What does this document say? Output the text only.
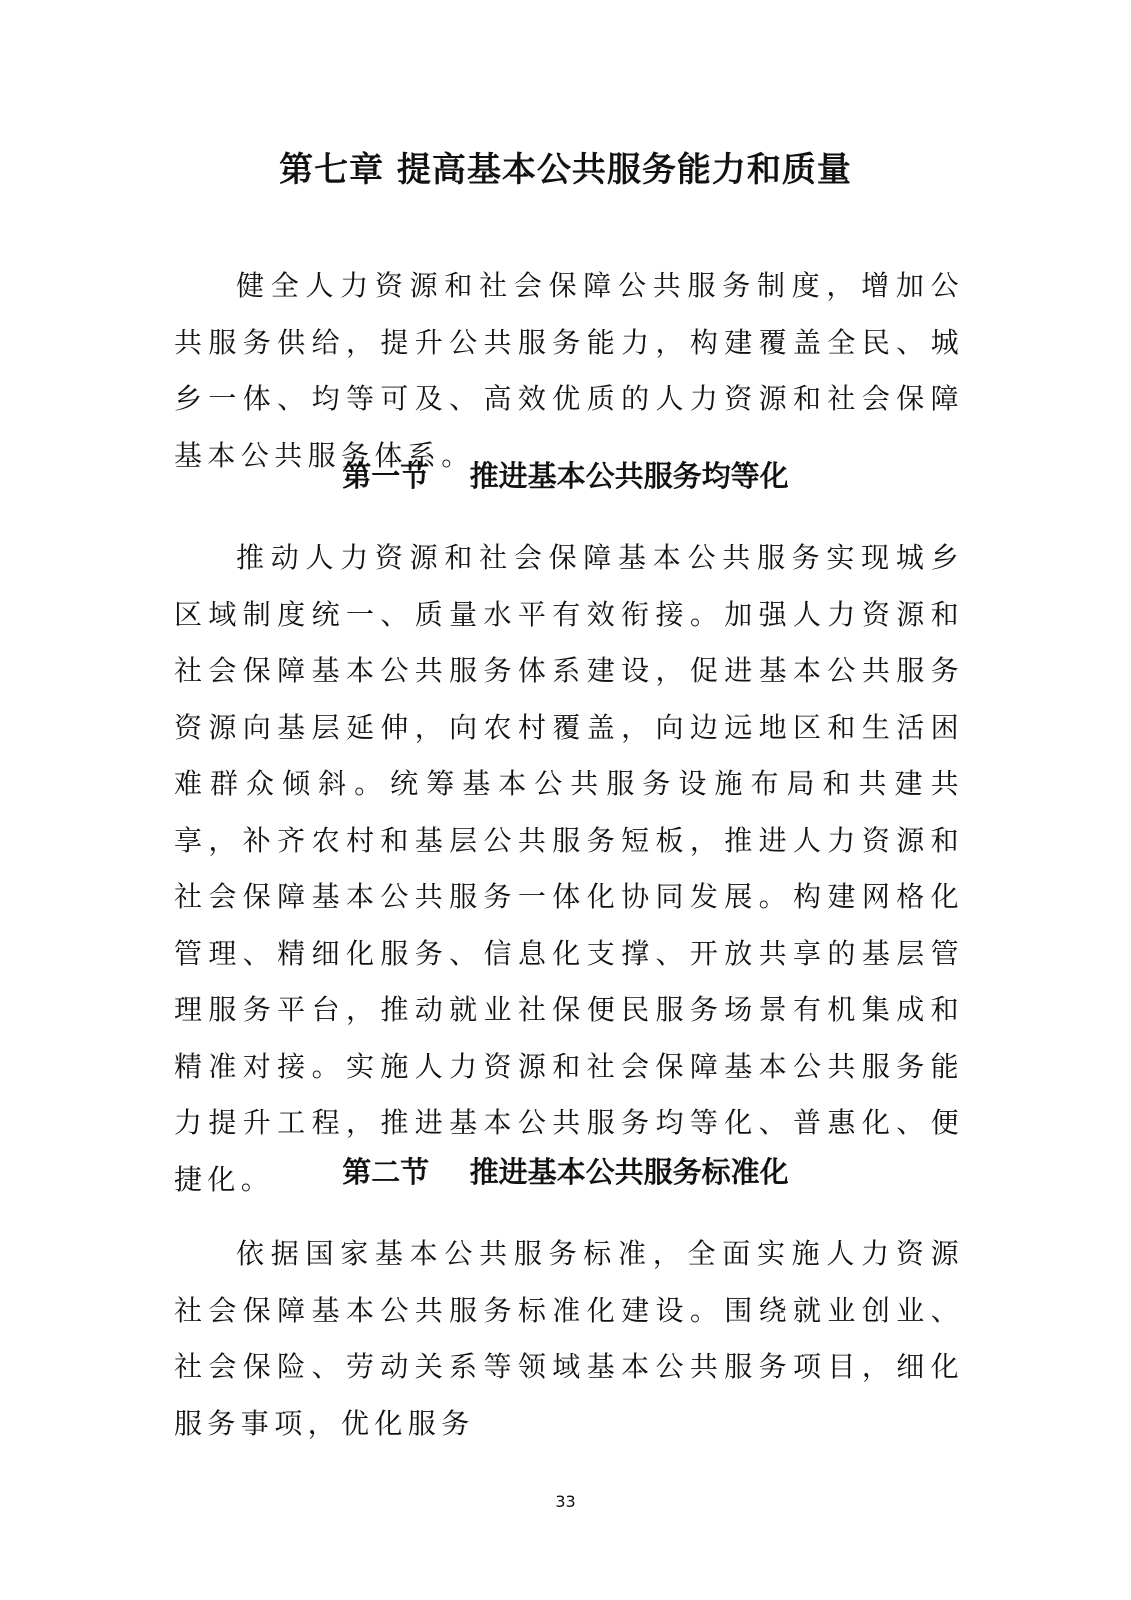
第七章 提高基本公共服务能力和质量

健全人力资源和社会保障公共服务制度，增加公共服务供给，提升公共服务能力，构建覆盖全民、城乡一体、均等可及、高效优质的人力资源和社会保障基本公共服务体系。

第一节    推进基本公共服务均等化

推动人力资源和社会保障基本公共服务实现城乡区域制度统一、质量水平有效衔接。加强人力资源和社会保障基本公共服务体系建设，促进基本公共服务资源向基层延伸，向农村覆盖，向边远地区和生活困难群众倾斜。统筹基本公共服务设施布局和共建共享，补齐农村和基层公共服务短板，推进人力资源和社会保障基本公共服务一体化协同发展。构建网格化管理、精细化服务、信息化支撑、开放共享的基层管理服务平台，推动就业社保便民服务场景有机集成和精准对接。实施人力资源和社会保障基本公共服务能力提升工程，推进基本公共服务均等化、普惠化、便捷化。	第二节    推进基本公共服务标准化

依据国家基本公共服务标准，全面实施人力资源社会保障基本公共服务标准化建设。围绕就业创业、社会保险、劳动关系等领域基本公共服务项目，细化服务事项，优化服务

33
